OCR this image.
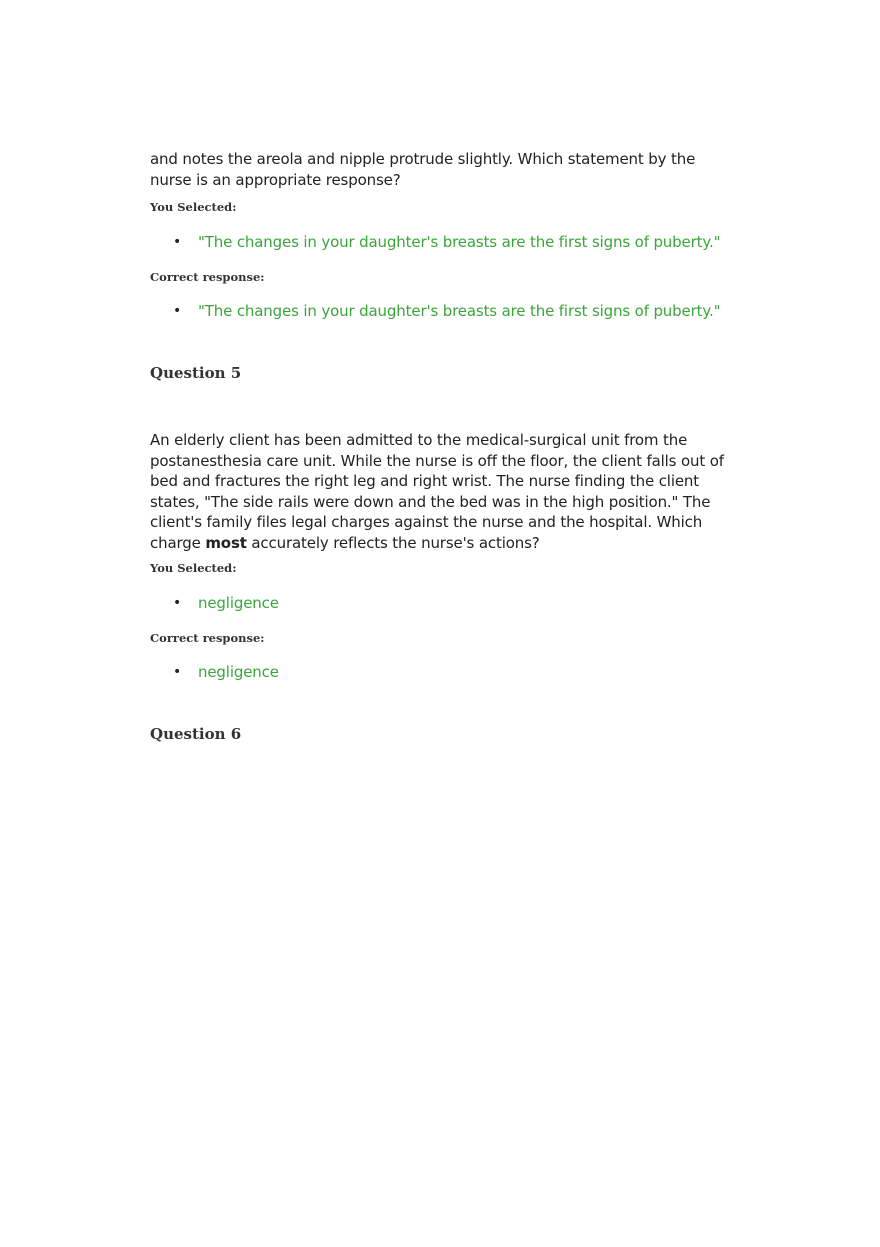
and notes the areola and nipple protrude slightly. Which statement by the nurse is an appropriate response?

You Selected:

• "The changes in your daughter's breasts are the first signs of puberty."

Correct response:

• "The changes in your daughter's breasts are the first signs of puberty."

Question 5

An elderly client has been admitted to the medical-surgical unit from the postanesthesia care unit. While the nurse is off the floor, the client falls out of bed and fractures the right leg and right wrist. The nurse finding the client states, "The side rails were down and the bed was in the high position." The client's family files legal charges against the nurse and the hospital. Which charge most accurately reflects the nurse's actions?

You Selected:

• negligence

Correct response:

• negligence

Question 6
